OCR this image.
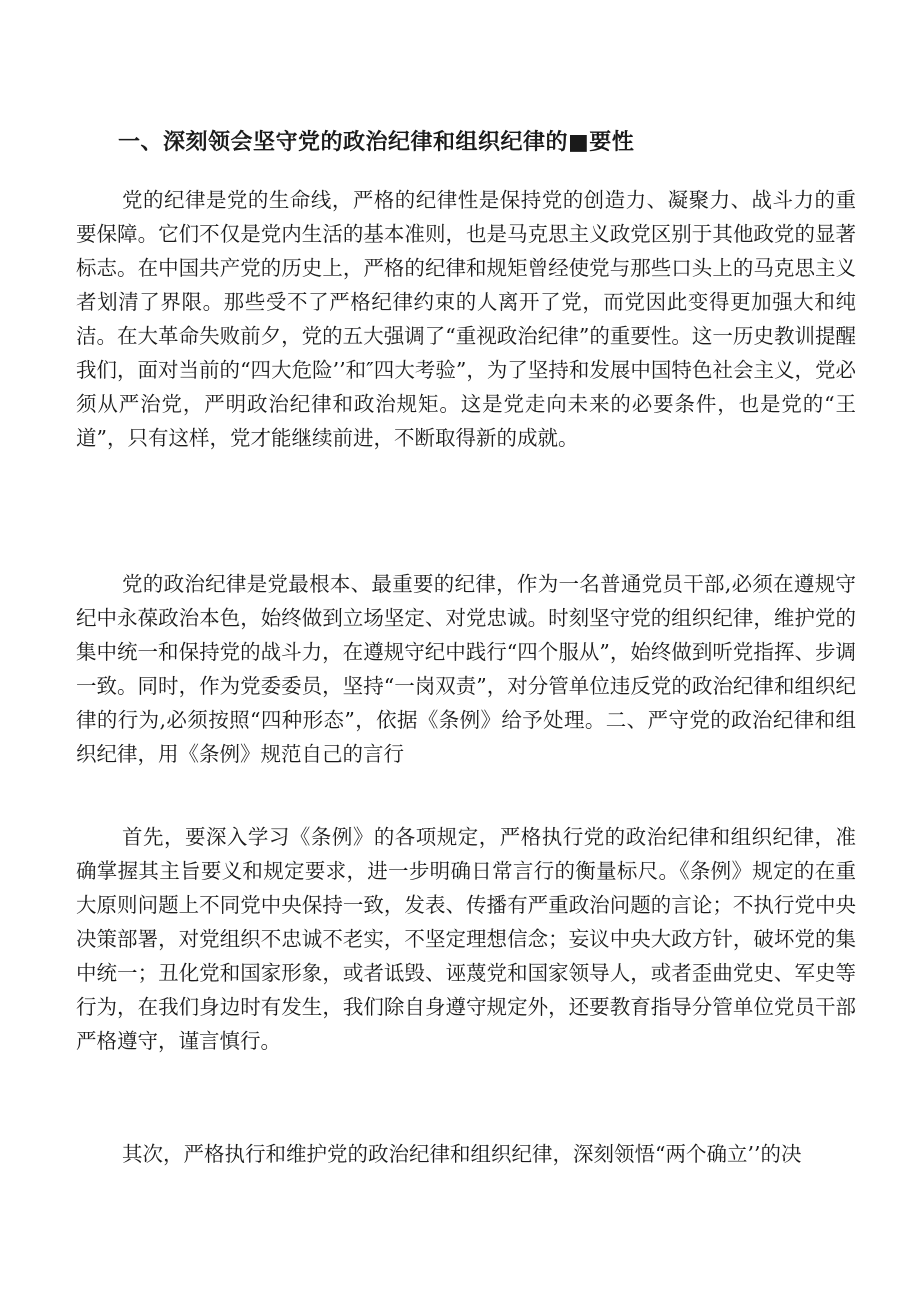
一、深刻领会坚守党的政治纪律和组织纪律的■要性

党的纪律是党的生命线，严格的纪律性是保持党的创造力、凝聚力、战斗力的重要保障。它们不仅是党内生活的基本准则，也是马克思主义政党区别于其他政党的显著标志。在中国共产党的历史上，严格的纪律和规矩曾经使党与那些口头上的马克思主义者划清了界限。那些受不了严格纪律约束的人离开了党，而党因此变得更加强大和纯洁。在大革命失败前夕，党的五大强调了“重视政治纪律”的重要性。这一历史教训提醒我们，面对当前的“四大危险’’和″四大考验”，为了坚持和发展中国特色社会主义，党必须从严治党，严明政治纪律和政治规矩。这是党走向未来的必要条件，也是党的“王道”，只有这样，党才能继续前进，不断取得新的成就。

党的政治纪律是党最根本、最重要的纪律，作为一名普通党员干部,必须在遵规守纪中永葆政治本色，始终做到立场坚定、对党忠诚。时刻坚守党的组织纪律，维护党的集中统一和保持党的战斗力，在遵规守纪中践行“四个服从”，始终做到听党指挥、步调一致。同时，作为党委委员，坚持“一岗双责”，对分管单位违反党的政治纪律和组织纪律的行为,必须按照“四种形态”，依据《条例》给予处理。二、严守党的政治纪律和组织纪律，用《条例》规范自己的言行

首先，要深入学习《条例》的各项规定，严格执行党的政治纪律和组织纪律，准确掌握其主旨要义和规定要求，进一步明确日常言行的衡量标尺。《条例》规定的在重大原则问题上不同党中央保持一致，发表、传播有严重政治问题的言论；不执行党中央决策部署，对党组织不忠诚不老实，不坚定理想信念；妄议中央大政方针，破坏党的集中统一；丑化党和国家形象，或者诋毁、诬蔑党和国家领导人，或者歪曲党史、军史等行为，在我们身边时有发生，我们除自身遵守规定外，还要教育指导分管单位党员干部严格遵守，谨言慎行。

其次，严格执行和维护党的政治纪律和组织纪律，深刻领悟“两个确立’’的决
